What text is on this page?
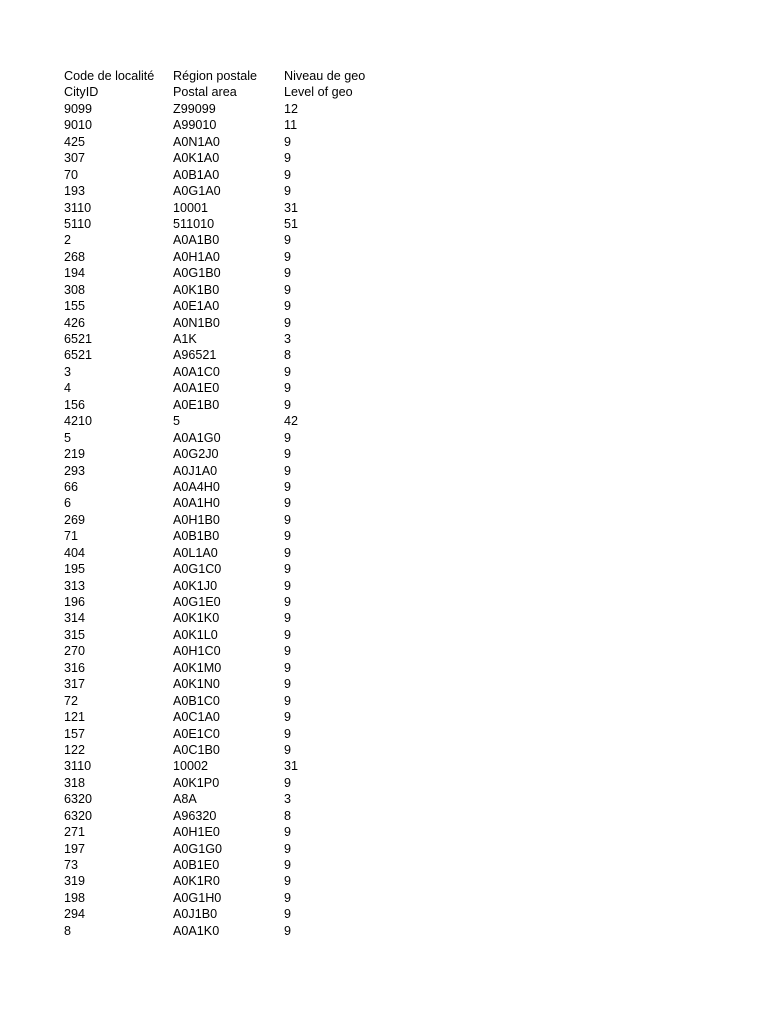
Code de localité	Région postale	Niveau de geo
CityID	Postal area	Level of geo
9099	Z99099	12
9010	A99010	11
425	A0N1A0	9
307	A0K1A0	9
70	A0B1A0	9
193	A0G1A0	9
3110	10001	31
5110	511010	51
2	A0A1B0	9
268	A0H1A0	9
194	A0G1B0	9
308	A0K1B0	9
155	A0E1A0	9
426	A0N1B0	9
6521	A1K	3
6521	A96521	8
3	A0A1C0	9
4	A0A1E0	9
156	A0E1B0	9
4210	5	42
5	A0A1G0	9
219	A0G2J0	9
293	A0J1A0	9
66	A0A4H0	9
6	A0A1H0	9
269	A0H1B0	9
71	A0B1B0	9
404	A0L1A0	9
195	A0G1C0	9
313	A0K1J0	9
196	A0G1E0	9
314	A0K1K0	9
315	A0K1L0	9
270	A0H1C0	9
316	A0K1M0	9
317	A0K1N0	9
72	A0B1C0	9
121	A0C1A0	9
157	A0E1C0	9
122	A0C1B0	9
3110	10002	31
318	A0K1P0	9
6320	A8A	3
6320	A96320	8
271	A0H1E0	9
197	A0G1G0	9
73	A0B1E0	9
319	A0K1R0	9
198	A0G1H0	9
294	A0J1B0	9
8	A0A1K0	9
